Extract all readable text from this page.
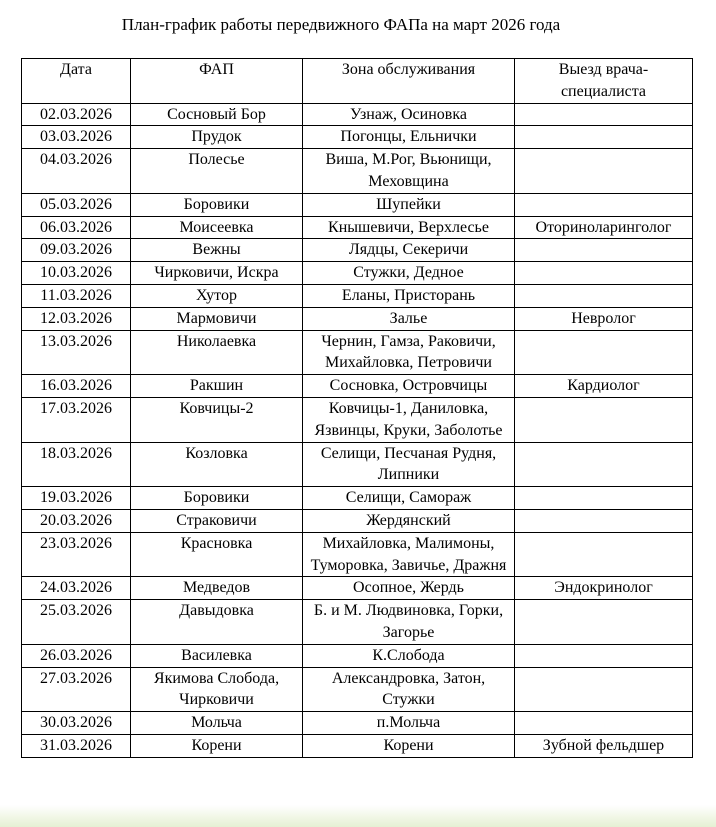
План-график работы передвижного ФАПа на март 2026 года
Дата	ФАП	Зона обслуживания	Выезд врача-специалиста
02.03.2026	Сосновый Бор	Узнаж, Осиновка	
03.03.2026	Прудок	Погонцы, Ельнички	
04.03.2026	Полесье	Виша, М.Рог, Вьюнищи, Меховщина	
05.03.2026	Боровики	Шупейки	
06.03.2026	Моисеевка	Кнышевичи, Верхлесье	Оториноларинголог
09.03.2026	Вежны	Лядцы, Секеричи	
10.03.2026	Чирковичи, Искра	Стужки, Дедное	
11.03.2026	Хутор	Еланы, Присторань	
12.03.2026	Мармовичи	Залье	Невролог
13.03.2026	Николаевка	Чернин, Гамза, Раковичи, Михайловка, Петровичи	
16.03.2026	Ракшин	Сосновка, Островчицы	Кардиолог
17.03.2026	Ковчицы-2	Ковчицы-1, Даниловка, Язвинцы, Круки, Заболотье	
18.03.2026	Козловка	Селищи, Песчаная Рудня, Липники	
19.03.2026	Боровики	Селищи, Самораж	
20.03.2026	Страковичи	Жердянский	
23.03.2026	Красновка	Михайловка, Малимоны, Туморовка, Завичье, Дражня	
24.03.2026	Медведов	Осопное, Жердь	Эндокринолог
25.03.2026	Давыдовка	Б. и М. Людвиновка, Горки, Загорье	
26.03.2026	Василевка	К.Слобода	
27.03.2026	Якимова Слобода, Чирковичи	Александровка, Затон, Стужки	
30.03.2026	Мольча	п.Мольча	
31.03.2026	Корени	Корени	Зубной фельдшер
